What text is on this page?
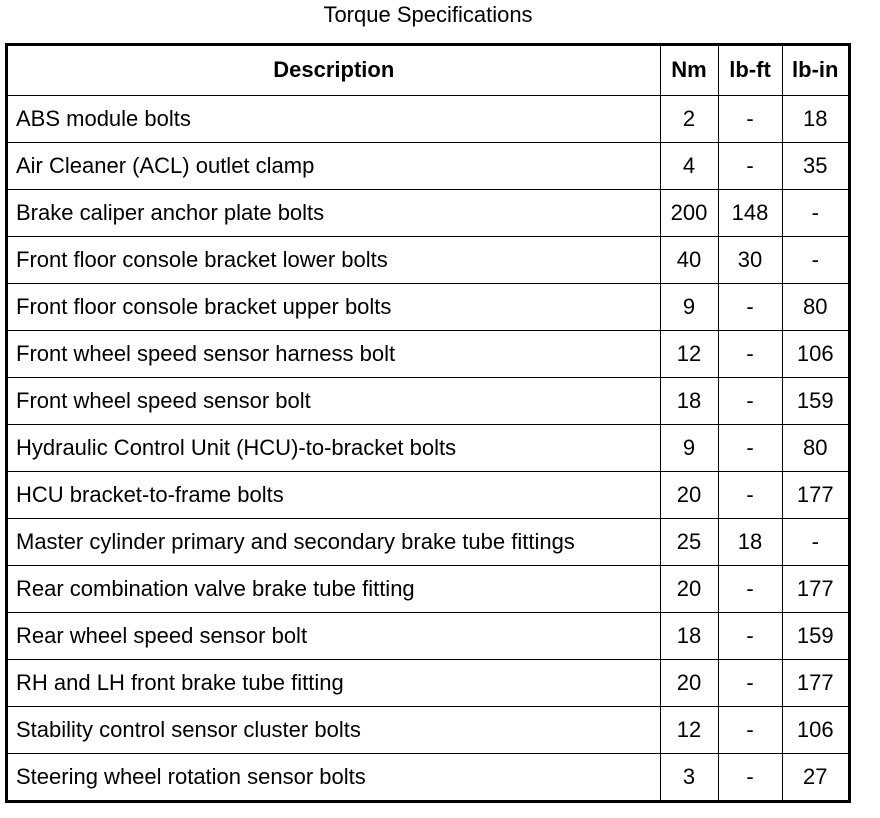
Torque Specifications
Description	Nm	lb-ft	lb-in
ABS module bolts	2	-	18
Air Cleaner (ACL) outlet clamp	4	-	35
Brake caliper anchor plate bolts	200	148	-
Front floor console bracket lower bolts	40	30	-
Front floor console bracket upper bolts	9	-	80
Front wheel speed sensor harness bolt	12	-	106
Front wheel speed sensor bolt	18	-	159
Hydraulic Control Unit (HCU)-to-bracket bolts	9	-	80
HCU bracket-to-frame bolts	20	-	177
Master cylinder primary and secondary brake tube fittings	25	18	-
Rear combination valve brake tube fitting	20	-	177
Rear wheel speed sensor bolt	18	-	159
RH and LH front brake tube fitting	20	-	177
Stability control sensor cluster bolts	12	-	106
Steering wheel rotation sensor bolts	3	-	27
